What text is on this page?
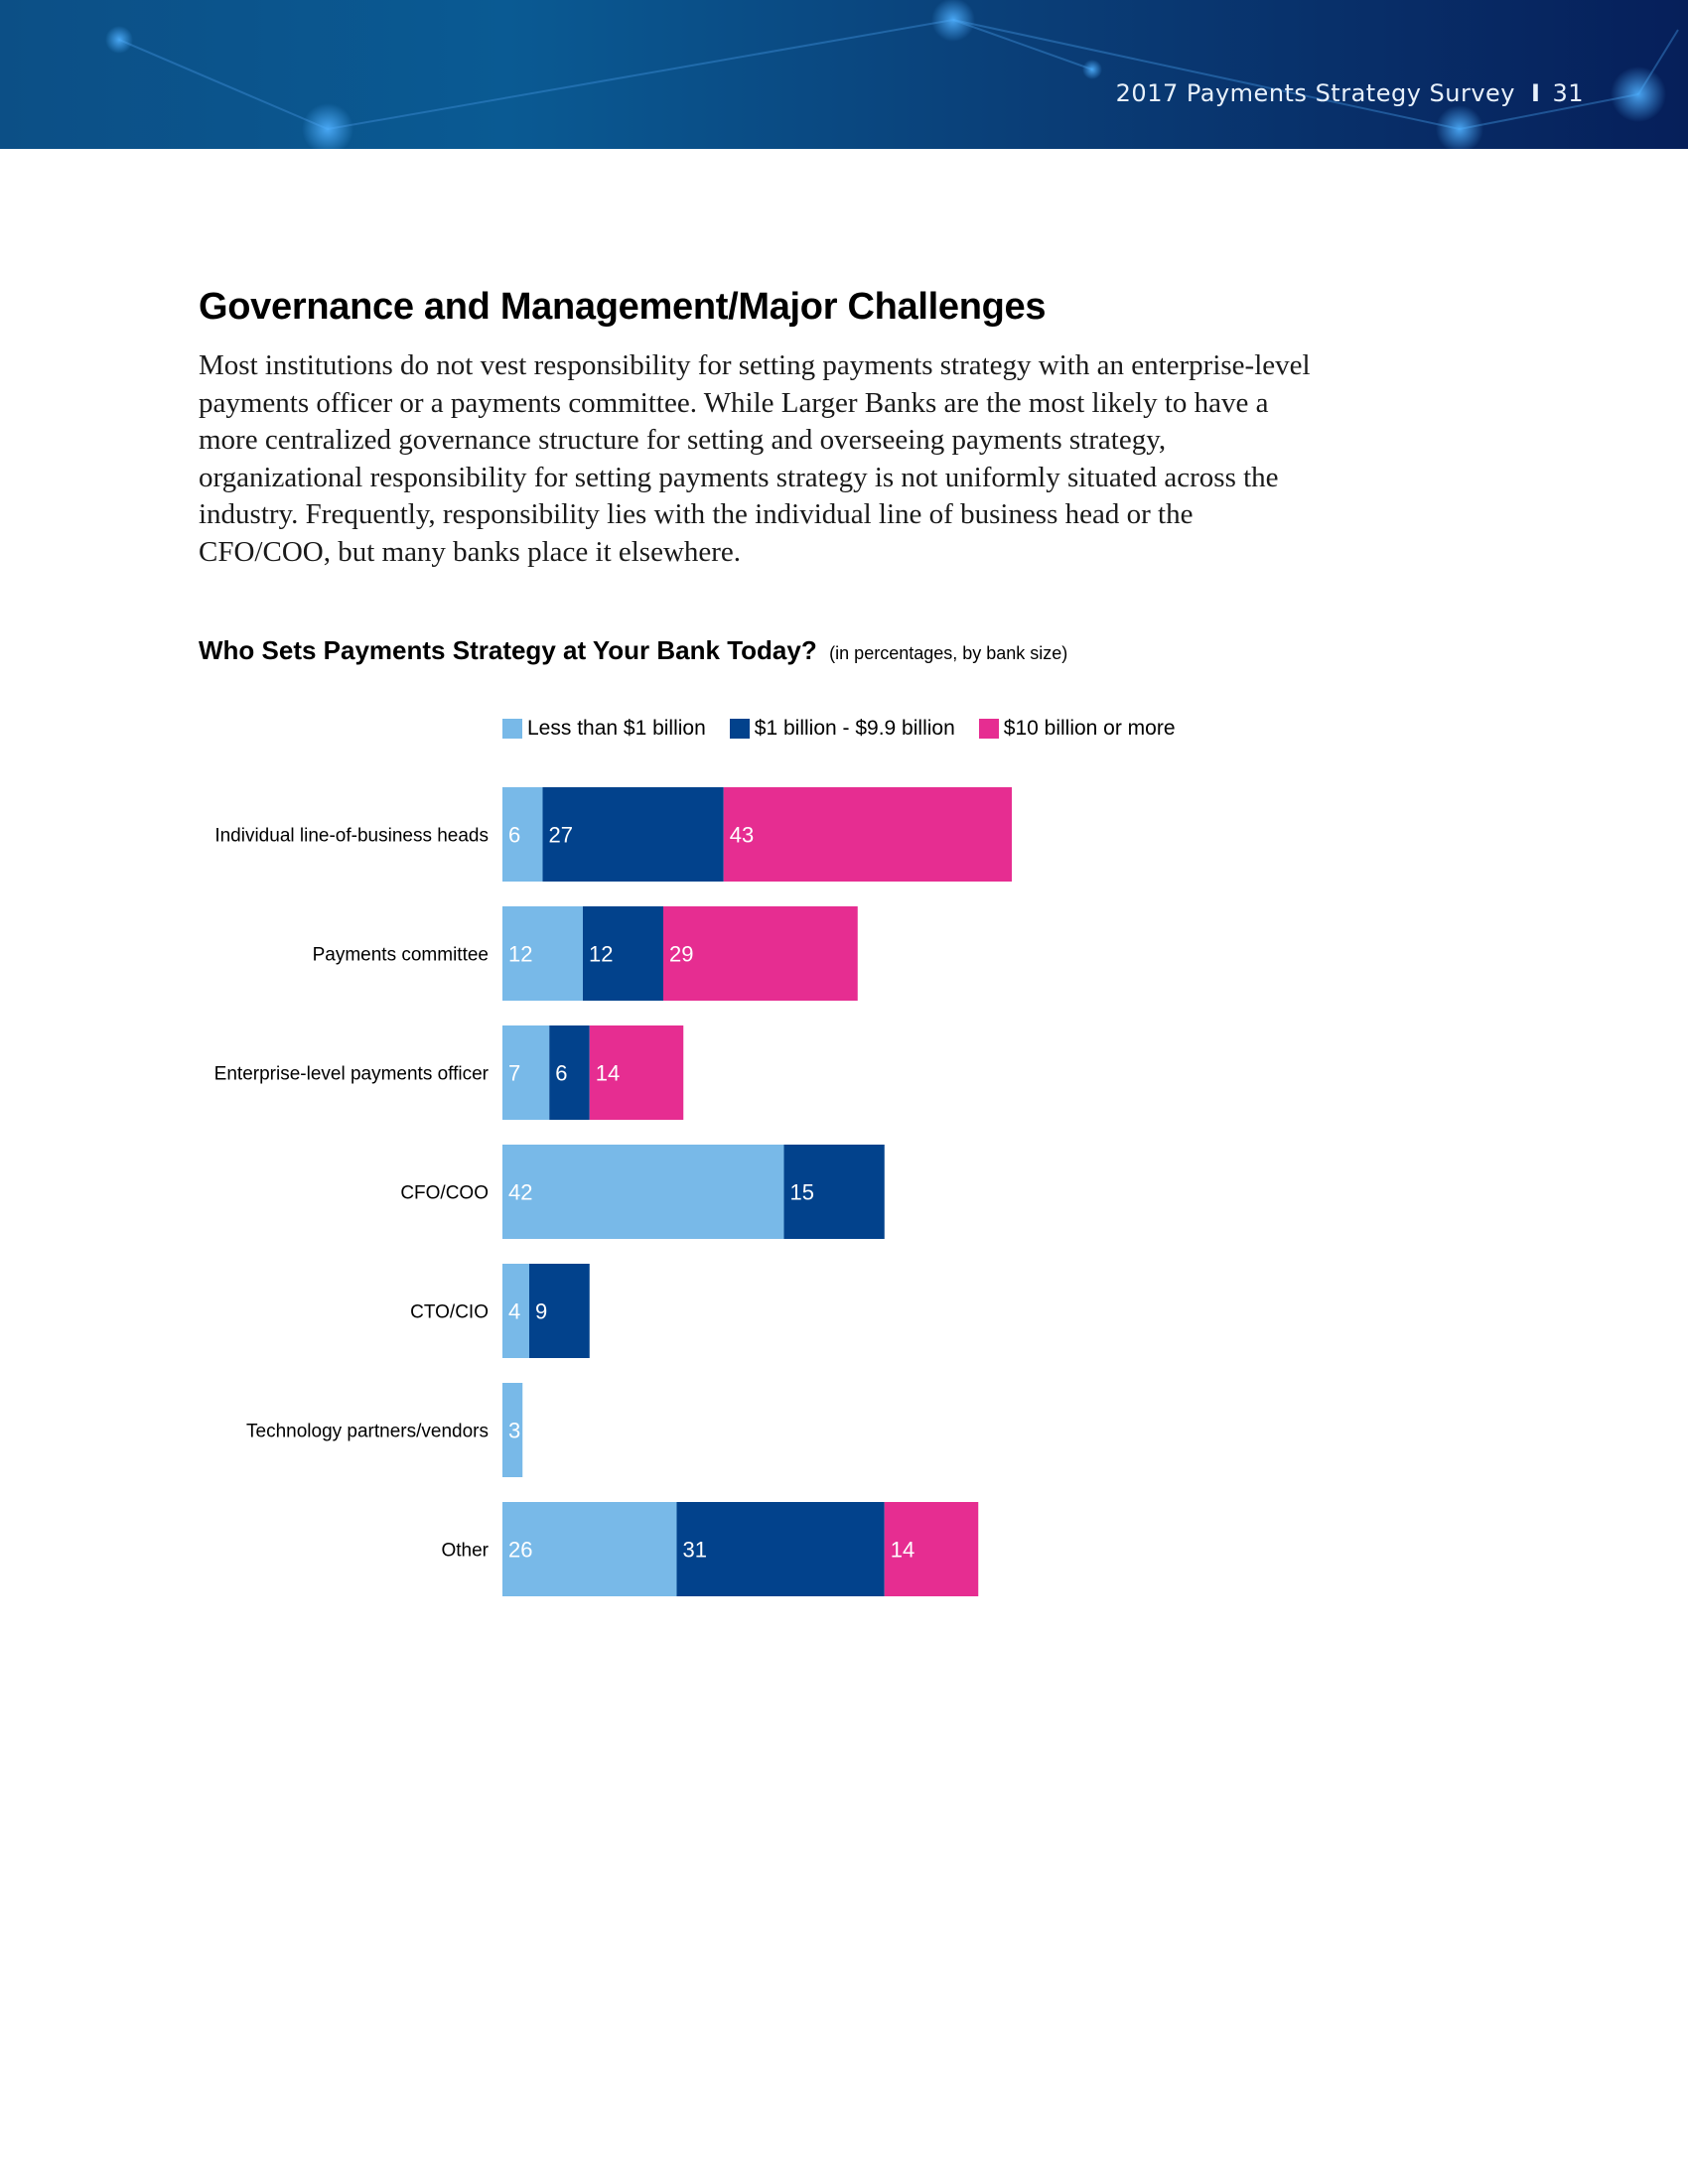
2017 Payments Strategy Survey I 31
Governance and Management/Major Challenges

Most institutions do not vest responsibility for setting payments strategy with an enterprise-level payments officer or a payments committee. While Larger Banks are the most likely to have a more centralized governance structure for setting and overseeing payments strategy, organizational responsibility for setting payments strategy is not uniformly situated across the industry. Frequently, responsibility lies with the individual line of business head or the CFO/COO, but many banks place it elsewhere.

Who Sets Payments Strategy at Your Bank Today? (in percentages, by bank size)
Less than $1 billion $1 billion - $9.9 billion $10 billion or more
Individual line-of-business heads 6 27	43
Payments committee 12	12	29
Enterprise-level payments officer 7 6 14
CFO/COO 42	15
CTO/CIO 4 9
Technology partners/vendors 3
Other 26	31	14
